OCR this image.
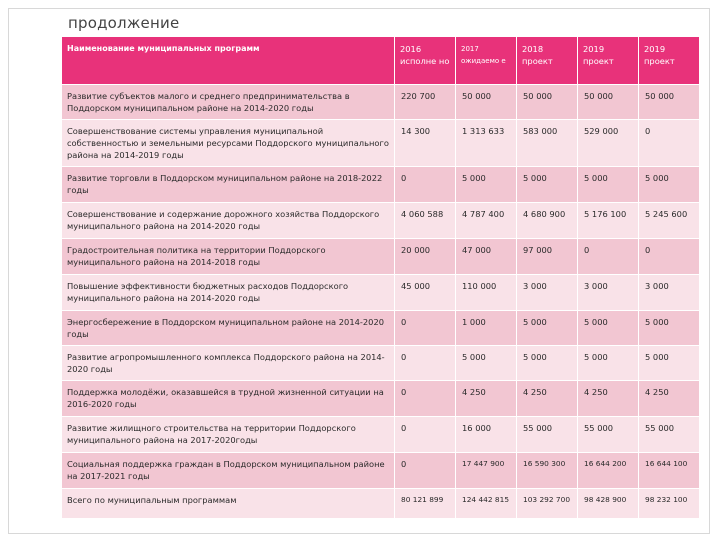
продолжение
Наименование муниципальных программ	2016 исполне но	2017 ожидаемо е	2018 проект	2019 проект	2019 проект
Развитие субъектов малого и среднего предпринимательства в Поддорском муниципальном районе на 2014-2020 годы	220 700	50 000	50 000	50 000	50 000
Совершенствование системы управления муниципальной собственностью и земельными ресурсами Поддорского муниципального района на 2014-2019 годы	14 300	1 313 633	583 000	529 000	0
Развитие торговли в Поддорском муниципальном районе на 2018-2022 годы	0	5 000	5 000	5 000	5 000
Совершенствование и содержание дорожного хозяйства Поддорского муниципального района на 2014-2020 годы	4 060 588	4 787 400	4 680 900	5 176 100	5 245 600
Градостроительная политика на территории Поддорского муниципального района на 2014-2018 годы	20 000	47 000	97 000	0	0
Повышение эффективности бюджетных расходов Поддорского муниципального района на 2014-2020 годы	45 000	110 000	3 000	3 000	3 000
Энергосбережение в Поддорском муниципальном районе на 2014-2020 годы	0	1 000	5 000	5 000	5 000
Развитие агропромышленного комплекса Поддорского района на 2014-2020 годы	0	5 000	5 000	5 000	5 000
Поддержка молодёжи, оказавшейся в трудной жизненной ситуации на 2016-2020 годы	0	4 250	4 250	4 250	4 250
Развитие жилищного строительства на территории Поддорского муниципального района на 2017-2020годы	0	16 000	55 000	55 000	55 000
Социальная поддержка граждан в Поддорском муниципальном районе на 2017-2021 годы	0	17 447 900	16 590 300	16 644 200	16 644 100
Всего по муниципальным программам	80 121 899	124 442 815	103 292 700	98 428 900	98 232 100
